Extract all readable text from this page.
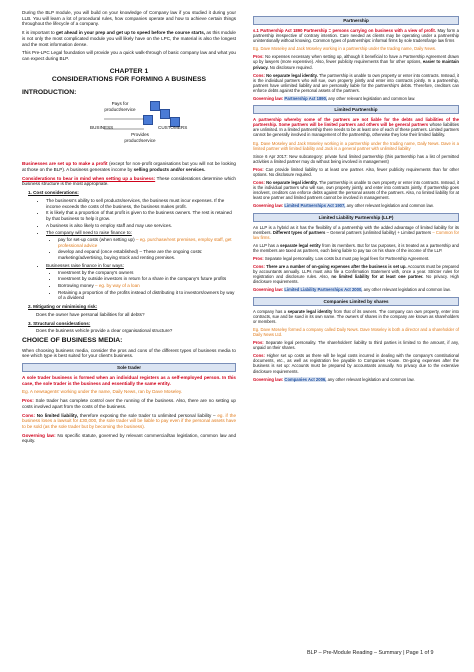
During the BLP module, you will build on your knowledge of Company law if you studied it during your LLB. You will learn a lot of procedural rules, how companies operate and how to achieve certain things throughout the lifecycle of a company.

It is important to get ahead in your prep and get up to speed before the course starts, as this module is not only the most complicated module you will likely have on the LPC, the material is also the longest and the most information dense.

This Pre-LPC Legal foundation will provide you a quick walk-through of basic company law and what you can expect during BLP.

CHAPTER 1
CONSIDERATIONS FOR FORMING A BUSINESS
INTRODUCTION:
Pays for product/service
BUSINESS	CUSTOMERS
Provides product/service

Businesses are set up to make a profit (except for non-profit organisations but you will not be looking at those on the BLP). A business generates income by selling products and/or services.

Considerations to bear in mind when setting up a business: These considerations determine which business structure is the most appropriate.

1. Cost considerations:
• The business's ability to sell products/services, the business must incur expenses. If the income exceeds the costs of the business, the business makes profit.
• It is likely that a proportion of that profit is given to the business owners. The rest is retained by that business to help it grow.
• A business is also likely to employ staff and may use services.
• The company will need to raise finance to:
• pay for set-up costs (when setting up) – eg. purchase/rent premises, employ staff, get professional advice
• develop and expand (once established) – These are the ongoing costs: marketing/advertising, buying stock and renting premises.
• Businesses raise finance in four ways:
• Investment by the company's owners
• Investment by outside investors in return for a share in the company's future profits
• Borrowing money – eg. by way of a loan
• Retaining a proportion of the profits instead of distributing it to investors/owners by way of a dividend
2. Mitigating or minimising risk:

Does the owner have personal liabilities for all debts?

3. Structural considerations:

Does the business vehicle provide a clear organisational structure?

CHOICE OF BUSINESS MEDIA:

When choosing business media, consider the pros and cons of the different types of business media to see which type is best suited for your client's business.

Sole trader

A sole trader business is formed when an individual registers as a self-employed person. In this case, the sole trader is the business and essentially the same entity.

Eg. A newsagents' working under the name, Daily News, ran by Dave Moseley.

Pros: Sole trader has complete control over the running of the business. Also, there are no setting up costs involved apart from the costs of the business.

Cons: No limited liability, therefore exposing the sole trader to unlimited personal liability – eg. if the business loses a lawsuit for £30,000, the sole trader will be liable to pay even if the personal assets have to be sold (as the sole trader but by becoming the business).

Governing law: No specific statute, governed by relevant commercial/tax legislation, common law and equity.

Partnership

s.1 Partnership Act 1890 Partnership = persons carrying on business with a view of profit. May form a partnership irrespective of contrary intention. Care needed as clients may be operating under a partnership unintentionally without knowing. Common types of partnerships: informal firms by sole traders/large law firms

Eg. Dave Moseley and Jack Moseley working in a partnership under the trading name, Daily News.

Pros: No expenses necessary when setting up, although it beneficial to have a Partnership Agreement drawn up by lawyers (more expensive). Also, fewer publicity requirements than for other options, easier to maintain privacy. No disclosure required.

Cons: No separate legal identity. The partnership is unable to own property or enter into contracts. Instead, it is the individual partners who will sue, own property jointly and enter into contracts jointly. In a partnership, partners have unlimited liability and are personally liable for the partnership's debts. Therefore, creditors can enforce debts against the personal assets of the partners.

Governing law: Partnership Act 1890, any other relevant legislation and common law.

Limited Partnership

A partnership whereby some of the partners are not liable for the debts and liabilities of the partnership. Some partners will be limited partners and others will be general partners whose liabilities are unlimited. In a limited partnership there needs to be at least one of each of these partners. Limited partners cannot be generally involved in management of the partnership, otherwise they lose their limited liability.

Eg. Dave Moseley and Jack Moseley working in a partnership under the trading name, Daily News. Dave is a limited partner with limited liability and Jack is a general partner with unlimited liability

Since 6 Apr 2017: New subcategory: private fund limited partnership (this partnership has a list of permitted activities a limited partner may do without being involved in management)

Pros: Can provide limited liability to at least one partner. Also, fewer publicity requirements than for other options. No disclosure required.

Cons: No separate legal identity. The partnership is unable to own property or enter into contracts. Instead, it is the individual partners who will sue, own property jointly, and enter into contracts jointly. If partnership goes insolvent, creditors can enforce debts against the personal assets of the partners. Also, no limited liability for at least one partner and limited partners cannot be involved in management.

Governing law: Limited Partnerships Act 1907, any other relevant legislation and common law.

Limited Liability Partnership (LLP)

An LLP is a hybrid as it has the flexibility of a partnership with the added advantage of limited liability for its members. Different types of partners – General partners (unlimited liability) + Limited partners – Common for law firms.

An LLP has a separate legal entity from its members. But for tax purposes, it is treated as a partnership and the members are taxed as partners, each being liable to pay tax on his share of the income of the LLP.

Pros: Separate legal personality. Low costs but must pay legal fees for Partnership Agreement.

Cons: There are a number of on-going expenses after the business is set up. Accounts must be prepared by accountants annually. LLPs must also file a Confirmation Statement with, once a year. Stricter rules for registration and disclosure rules. Also, no limited liability for at least one partner. No privacy. High disclosure requirements.

Governing law: Limited Liability Partnerships Act 2000, any other relevant legislation and common law.

Companies Limited by shares

A company has a separate legal identity from that of its owners. The company can own property, enter into contracts, sue and be sued in its own name. The owners of shares in the company are known as shareholders or members.

Eg. Dave Moseley formed a company called Daily News. Dave Moseley is both a director and a shareholder of Daily News Ltd.

Pros: Separate legal personality. The shareholders' liability to third parties is limited to the amount, if any, unpaid on their shares.

Cons: Higher set up costs as there will be legal costs incurred in dealing with the company's constitutional documents, etc., as well as registration fee payable to Companies House. On-going expenses after the business is set up: Accounts must be prepared by accountants annually. No privacy due to the extensive disclosure requirements.

Governing law: Companies Act 2006, any other relevant legislation and common law.

BLP – Pre-Module Reading – Summary | Page 1 of 9
